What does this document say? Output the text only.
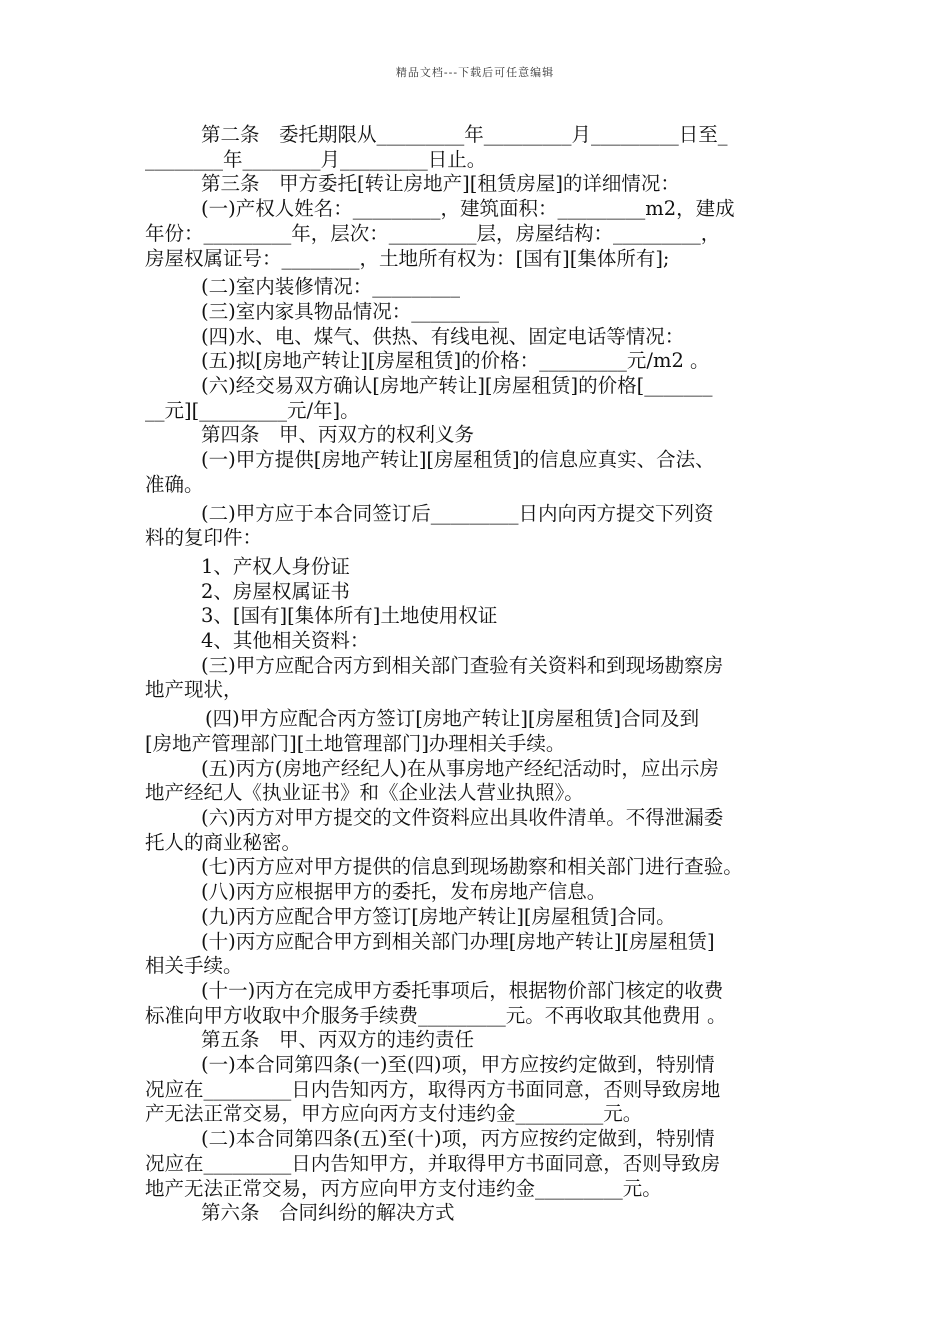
精品文档---下载后可任意编辑

第二条　委托期限从_________年_________月_________日至_

________年________月_________日止。

第三条　甲方委托[转让房地产][租赁房屋]的详细情况：

(一)产权人姓名：_________，建筑面积：_________m2，建成

年份：_________年，层次：_________层，房屋结构：_________，

房屋权属证号：________，土地所有权为：[国有][集体所有];

(二)室内装修情况：_________

(三)室内家具物品情况：_________

(四)水、电、煤气、供热、有线电视、固定电话等情况：

(五)拟[房地产转让][房屋租赁]的价格：_________元/m2 。

(六)经交易双方确认[房地产转让][房屋租赁]的价格[_______

__元][_________元/年]。

第四条　甲、丙双方的权利义务

(一)甲方提供[房地产转让][房屋租赁]的信息应真实、合法、

准确。

(二)甲方应于本合同签订后_________日内向丙方提交下列资

料的复印件：

1、产权人身份证

2、房屋权属证书

3、[国有][集体所有]土地使用权证

4、其他相关资料：

(三)甲方应配合丙方到相关部门查验有关资料和到现场勘察房

地产现状，

(四)甲方应配合丙方签订[房地产转让][房屋租赁]合同及到

[房地产管理部门][土地管理部门]办理相关手续。

(五)丙方(房地产经纪人)在从事房地产经纪活动时，应出示房

地产经纪人《执业证书》和《企业法人营业执照》。

(六)丙方对甲方提交的文件资料应出具收件清单。不得泄漏委

托人的商业秘密。

(七)丙方应对甲方提供的信息到现场勘察和相关部门进行查验。

(八)丙方应根据甲方的委托，发布房地产信息。

(九)丙方应配合甲方签订[房地产转让][房屋租赁]合同。

(十)丙方应配合甲方到相关部门办理[房地产转让][房屋租赁]

相关手续。

(十一)丙方在完成甲方委托事项后，根据物价部门核定的收费

标准向甲方收取中介服务手续费_________元。不再收取其他费用 。

第五条　甲、丙双方的违约责任

(一)本合同第四条(一)至(四)项，甲方应按约定做到，特别情

况应在_________日内告知丙方，取得丙方书面同意，否则导致房地

产无法正常交易，甲方应向丙方支付违约金_________元。

(二)本合同第四条(五)至(十)项，丙方应按约定做到，特别情

况应在_________日内告知甲方，并取得甲方书面同意，否则导致房

地产无法正常交易，丙方应向甲方支付违约金_________元。

第六条　合同纠纷的解决方式
